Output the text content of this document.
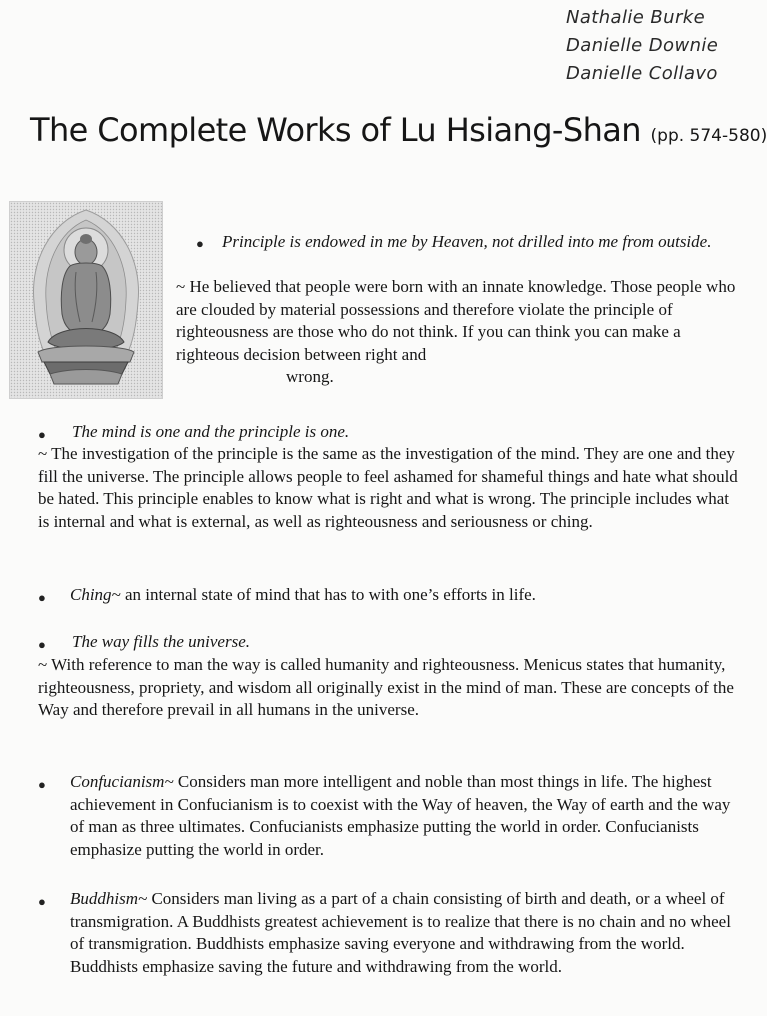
Nathalie Burke
Danielle Downie
Danielle Collavo
The Complete Works of Lu Hsiang-Shan (pp. 574-580)
● Principle is endowed in me by Heaven, not drilled into me from outside.
~ He believed that people were born with an innate knowledge. Those people who are clouded by material possessions and therefore violate the principle of righteousness are those who do not think. If you can think you can make a righteous decision between right and
wrong.
● The mind is one and the principle is one.
~ The investigation of the principle is the same as the investigation of the mind. They are one and they fill the universe. The principle allows people to feel ashamed for shameful things and hate what should be hated. This principle enables to know what is right and what is wrong. The principle includes what is internal and what is external, as well as righteousness and seriousness or ching.
● Ching~ an internal state of mind that has to with one’s efforts in life.
● The way fills the universe.
~ With reference to man the way is called humanity and righteousness. Menicus states that humanity, righteousness, propriety, and wisdom all originally exist in the mind of man. These are concepts of the Way and therefore prevail in all humans in the universe.
● Confucianism~ Considers man more intelligent and noble than most things in life. The highest achievement in Confucianism is to coexist with the Way of heaven, the Way of earth and the way of man as three ultimates. Confucianists emphasize putting the world in order. Confucianists emphasize putting the world in order.
● Buddhism~ Considers man living as a part of a chain consisting of birth and death, or a wheel of transmigration. A Buddhists greatest achievement is to realize that there is no chain and no wheel of transmigration. Buddhists emphasize saving everyone and withdrawing from the world. Buddhists emphasize saving the future and withdrawing from the world.
